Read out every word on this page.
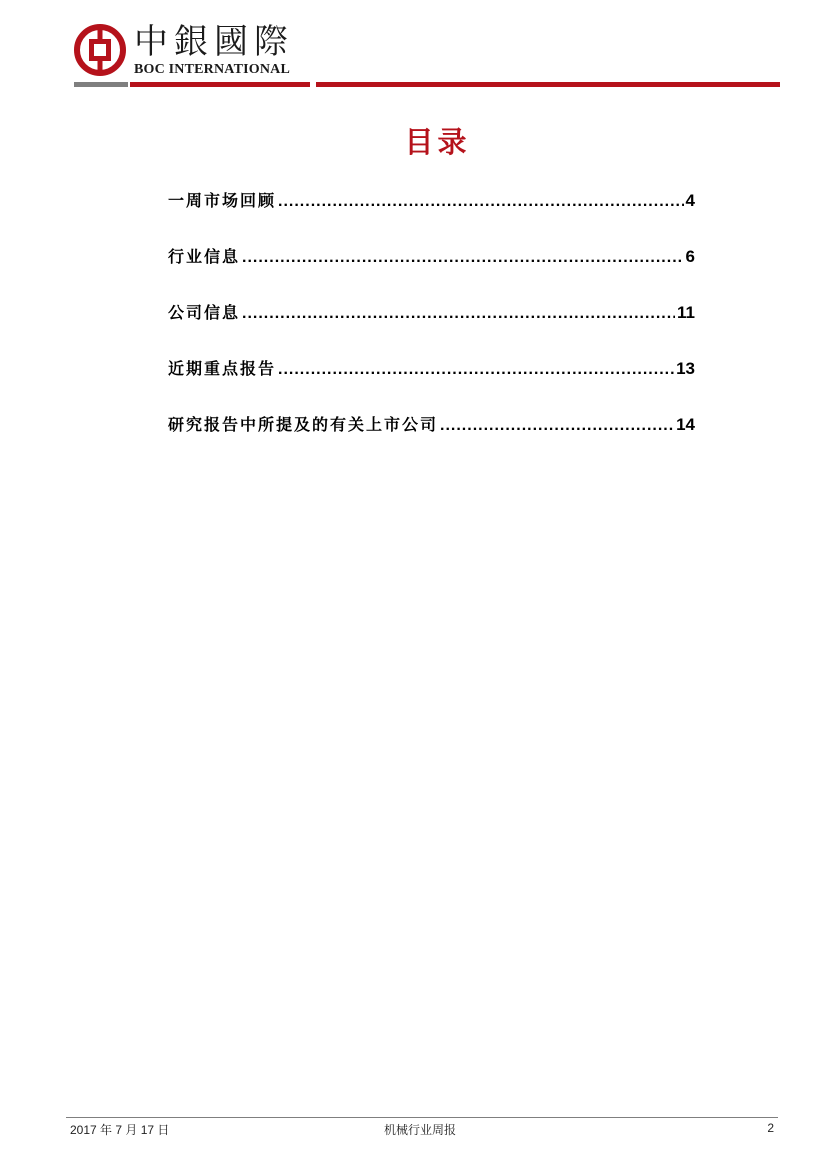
中銀國際
BOC INTERNATIONAL
目录
一周市场回顾 .....	4
行业信息 .....	6
公司信息 .....	11
近期重点报告 .....	13
研究报告中所提及的有关上市公司 .....	14
2017 年 7 月 17 日	机械行业周报	2
